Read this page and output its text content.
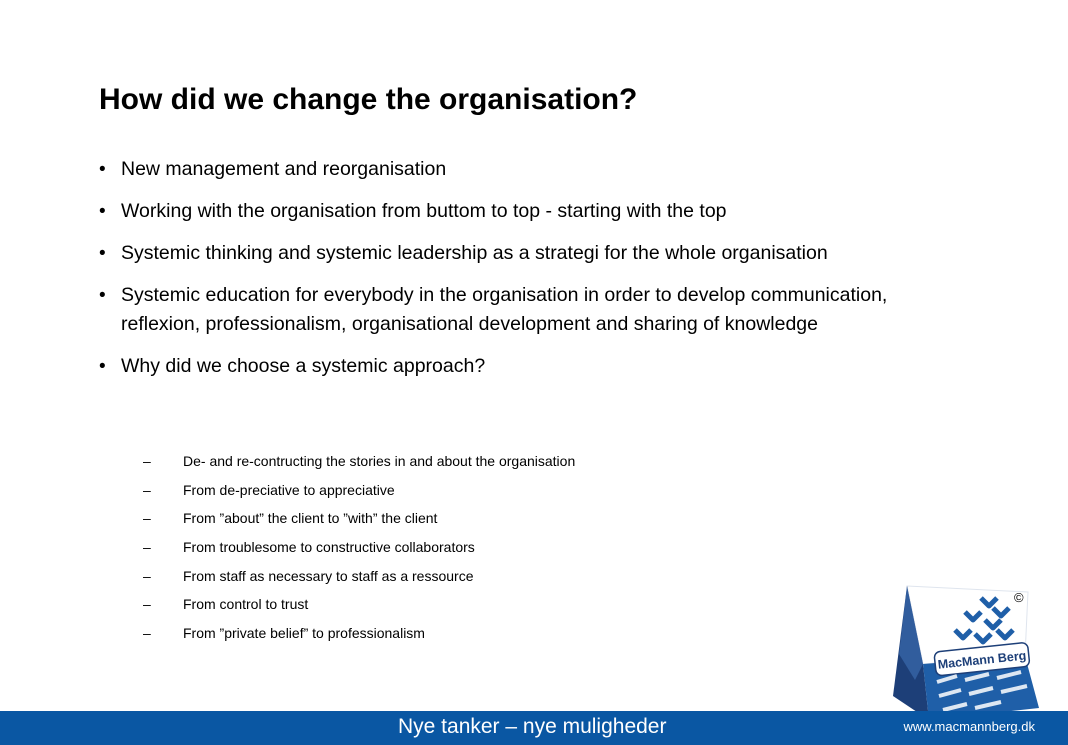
How did we change the organisation?
• New management and reorganisation
• Working with the organisation from buttom to top - starting with the top
• Systemic thinking and systemic leadership as a strategi for the whole organisation
• Systemic education for everybody in the organisation in order to develop communication, reflexion, professionalism, organisational development and sharing of knowledge
• Why did we choose a systemic approach?
– De- and re-contructing the stories in and about the organisation
– From de-preciative to appreciative
– From ”about” the client to ”with” the client
– From troublesome to constructive collaborators
– From staff as necessary to staff as a ressource
– From control to trust
– From ”private belief” to professionalism
MacMann Berg
©
Nye tanker – nye muligheder	www.macmannberg.dk
